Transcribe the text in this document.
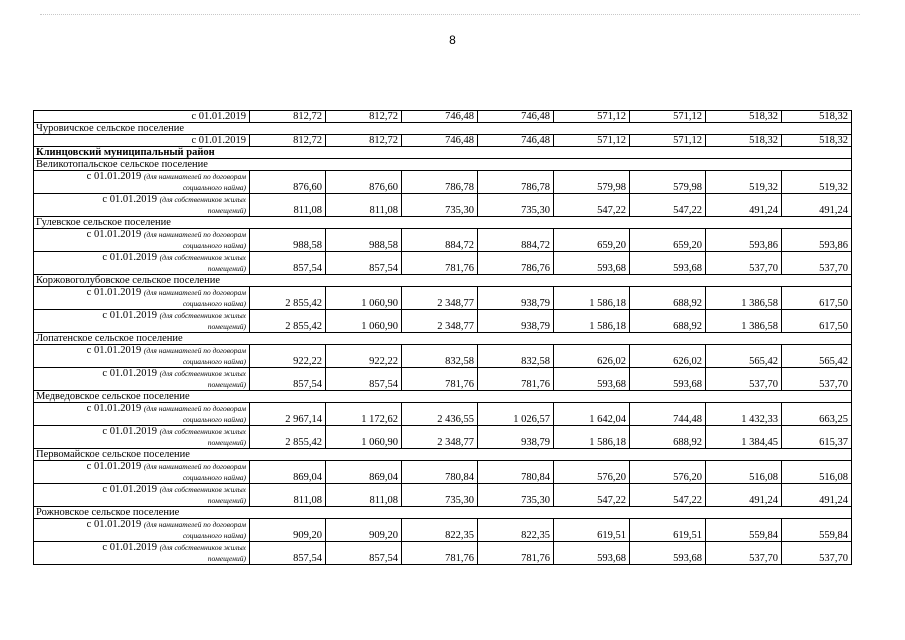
8
с 01.01.2019	812,72	812,72	746,48	746,48	571,12	571,12	518,32	518,32
Чуровичское сельское поселение								
с 01.01.2019	812,72	812,72	746,48	746,48	571,12	571,12	518,32	518,32
Клинцовский муниципальный район								
Великотопальское сельское поселение								

с 01.01.2019 (для нанимателей по договорам
социального найма)	876,60	876,60	786,78	786,78	579,98	579,98	519,32	519,32

с 01.01.2019 (для собственников жилых
помещений)	811,08	811,08	735,30	735,30	547,22	547,22	491,24	491,24
Гулевское сельское поселение								

с 01.01.2019 (для нанимателей по договорам
социального найма)	988,58	988,58	884,72	884,72	659,20	659,20	593,86	593,86

с 01.01.2019 (для собственников жилых
помещений)	857,54	857,54	781,76	786,76	593,68	593,68	537,70	537,70
Коржовоголубовское сельское поселение								

с 01.01.2019 (для нанимателей по договорам
социального найма)	2 855,42	1 060,90	2 348,77	938,79	1 586,18	688,92	1 386,58	617,50

с 01.01.2019 (для собственников жилых
помещений)	2 855,42	1 060,90	2 348,77	938,79	1 586,18	688,92	1 386,58	617,50
Лопатенское сельское поселение								

с 01.01.2019 (для нанимателей по договорам
социального найма)	922,22	922,22	832,58	832,58	626,02	626,02	565,42	565,42

с 01.01.2019 (для собственников жилых
помещений)	857,54	857,54	781,76	781,76	593,68	593,68	537,70	537,70
Медведовское сельское поселение								

с 01.01.2019 (для нанимателей по договорам
социального найма)	2 967,14	1 172,62	2 436,55	1 026,57	1 642,04	744,48	1 432,33	663,25

с 01.01.2019 (для собственников жилых
помещений)	2 855,42	1 060,90	2 348,77	938,79	1 586,18	688,92	1 384,45	615,37
Первомайское сельское поселение								

с 01.01.2019 (для нанимателей по договорам
социального найма)	869,04	869,04	780,84	780,84	576,20	576,20	516,08	516,08

с 01.01.2019 (для собственников жилых
помещений)	811,08	811,08	735,30	735,30	547,22	547,22	491,24	491,24
Рожновское сельское поселение								

с 01.01.2019 (для нанимателей по договорам
социального найма)	909,20	909,20	822,35	822,35	619,51	619,51	559,84	559,84

с 01.01.2019 (для собственников жилых
помещений)	857,54	857,54	781,76	781,76	593,68	593,68	537,70	537,70
